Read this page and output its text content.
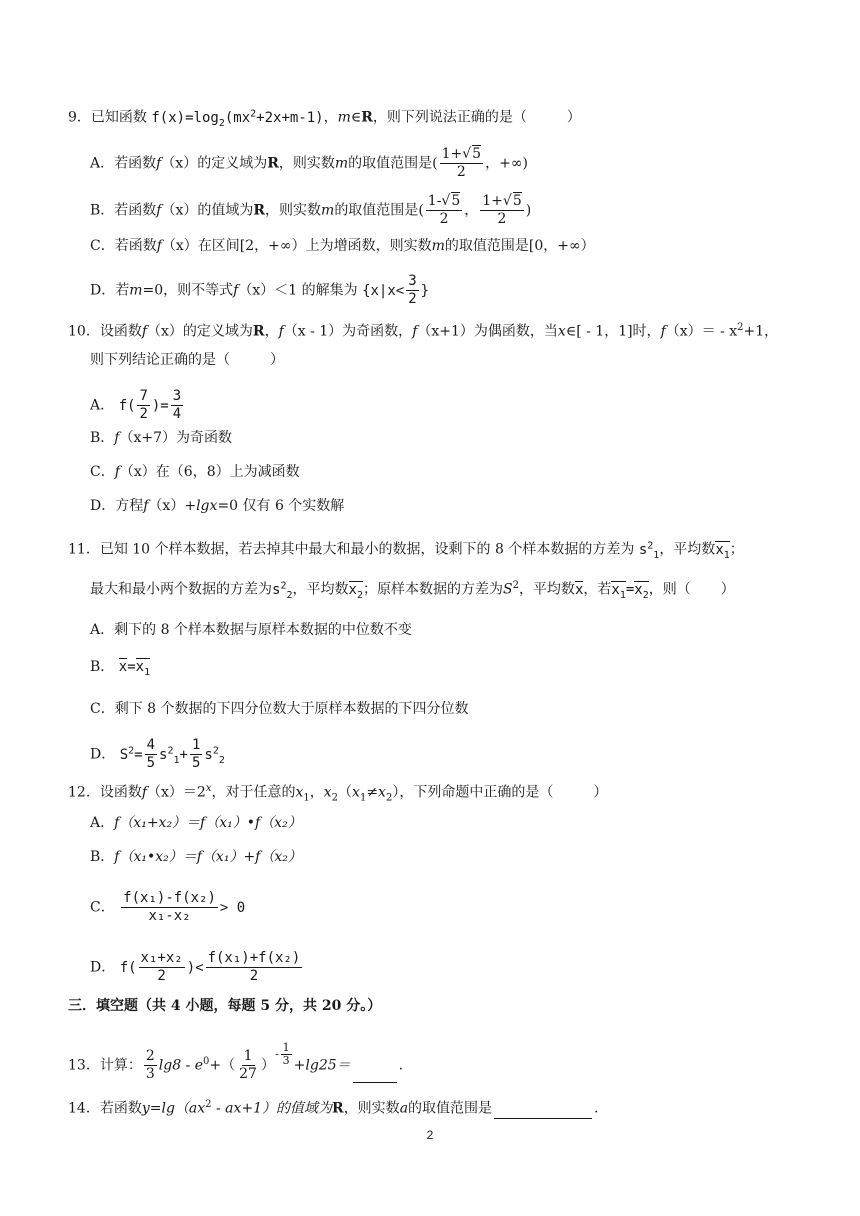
9．已知函数 $f(x)=\log_2(mx^2+2x+m-1)$，m∈R，则下列说法正确的是（	）
A．若函数f（x）的定义域为R，则实数m的取值范围是( $\frac{1+√5}{2}$ ，+∞)
B．若函数f（x）的值域为R，则实数m的取值范围是( $\frac{1-√5}{2}$ ， $\frac{1+√5}{2}$ )
C．若函数f（x）在区间[2，+∞）上为增函数，则实数m的取值范围是[0，+∞）
D．若m=0，则不等式f（x）＜1 的解集为 {$x|x< \frac{3}{2}$ }
10．设函数f（x）的定义域为R，f（x - 1）为奇函数，f（x+1）为偶函数，当x∈[ - 1，1]时，$f(x)= - x^2+1$，
则下列结论正确的是（	）
A． $f( \frac{7}{2}$ )= $\frac{3}{4}$
B．f（x+7）为奇函数
C．f（x）在（6，8）上为减函数
D．方程f（x）+lgx=0 仅有 6 个实数解
11．已知 10 个样本数据，若去掉其中最大和最小的数据，设剩下的 8 个样本数据的方差为 $s^2_1$，平均数$x_1$；
最大和最小两个数据的方差为$s^2_2$，平均数$x_2$；原样本数据的方差为$S^2$，平均数x，若$x_1=x_2$，则（ ）
A．剩下的 8 个样本数据与原样本数据的中位数不变
B． $x=x_1$
C．剩下 8 个数据的下四分位数大于原样本数据的下四分位数
D． $S^2= \frac{4}{5} s^2_1+ \frac{1}{5} s^2_2$
12．设函数$f(x)=2^x$，对于任意的$x_1$，$x_2(x_1\ne x_2)$，下列命题中正确的是（	）
A．f（x₁+x₂）＝f（x₁）•f（x₂）
B．f（x₁•x₂）＝f（x₁）+f（x₂）
C． $\frac{\text{f(x₁)-f(x₂)}}{\text{x₁-x₂}} > 0$
D． $f( \frac{\text{x₁+x₂}}{2}$ )< $\frac{\text{f(x₁)+f(x₂)}}{2}$
三．填空题（共 4 小题，每题 5 分，共 20 分。）
13．计算： $\frac{2}{3} \lg 8 - e^0+( \frac{1}{27}$ ）- $\frac{1}{3} +\lg 25=$	.
14．若函数$y=\lg(ax^2 - ax+1)$的值域为R，则实数a的取值范围是	.
2
